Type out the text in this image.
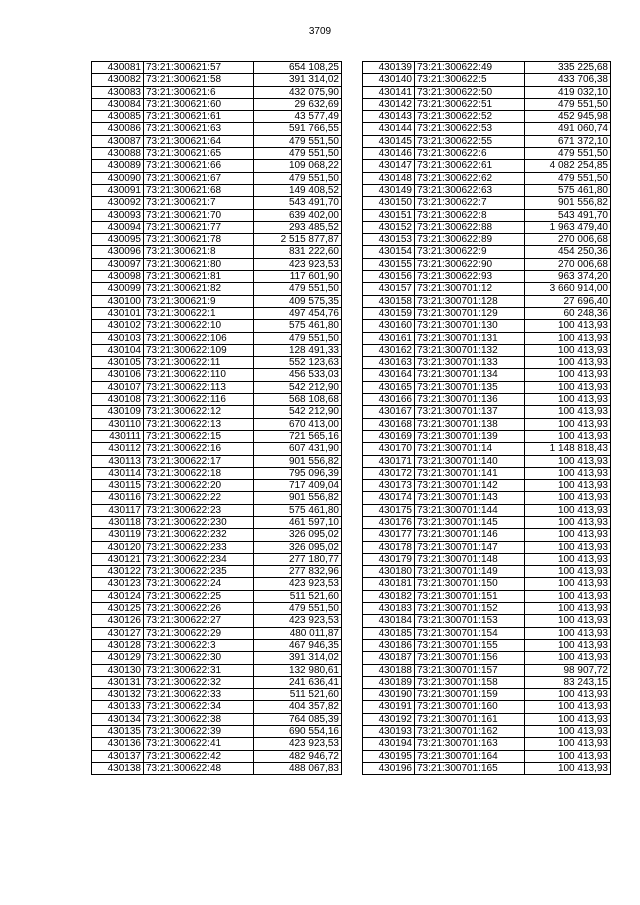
3709
430081	73:21:300621:57	654 108,25
430082	73:21:300621:58	391 314,02
430083	73:21:300621:6	432 075,90
430084	73:21:300621:60	29 632,69
430085	73:21:300621:61	43 577,49
430086	73:21:300621:63	591 766,55
430087	73:21:300621:64	479 551,50
430088	73:21:300621:65	479 551,50
430089	73:21:300621:66	109 068,22
430090	73:21:300621:67	479 551,50
430091	73:21:300621:68	149 408,52
430092	73:21:300621:7	543 491,70
430093	73:21:300621:70	639 402,00
430094	73:21:300621:77	293 485,52
430095	73:21:300621:78	2 515 877,87
430096	73:21:300621:8	831 222,60
430097	73:21:300621:80	423 923,53
430098	73:21:300621:81	117 601,90
430099	73:21:300621:82	479 551,50
430100	73:21:300621:9	409 575,35
430101	73:21:300622:1	497 454,76
430102	73:21:300622:10	575 461,80
430103	73:21:300622:106	479 551,50
430104	73:21:300622:109	128 491,33
430105	73:21:300622:11	552 123,63
430106	73:21:300622:110	456 533,03
430107	73:21:300622:113	542 212,90
430108	73:21:300622:116	568 108,68
430109	73:21:300622:12	542 212,90
430110	73:21:300622:13	670 413,00
430111	73:21:300622:15	721 565,16
430112	73:21:300622:16	607 431,90
430113	73:21:300622:17	901 556,82
430114	73:21:300622:18	795 096,39
430115	73:21:300622:20	717 409,04
430116	73:21:300622:22	901 556,82
430117	73:21:300622:23	575 461,80
430118	73:21:300622:230	461 597,10
430119	73:21:300622:232	326 095,02
430120	73:21:300622:233	326 095,02
430121	73:21:300622:234	277 180,77
430122	73:21:300622:235	277 832,96
430123	73:21:300622:24	423 923,53
430124	73:21:300622:25	511 521,60
430125	73:21:300622:26	479 551,50
430126	73:21:300622:27	423 923,53
430127	73:21:300622:29	480 011,87
430128	73:21:300622:3	467 946,35
430129	73:21:300622:30	391 314,02
430130	73:21:300622:31	132 980,61
430131	73:21:300622:32	241 636,41
430132	73:21:300622:33	511 521,60
430133	73:21:300622:34	404 357,82
430134	73:21:300622:38	764 085,39
430135	73:21:300622:39	690 554,16
430136	73:21:300622:41	423 923,53
430137	73:21:300622:42	482 946,72
430138	73:21:300622:48	488 067,83
430139	73:21:300622:49	335 225,68
430140	73:21:300622:5	433 706,38
430141	73:21:300622:50	419 032,10
430142	73:21:300622:51	479 551,50
430143	73:21:300622:52	452 945,98
430144	73:21:300622:53	491 060,74
430145	73:21:300622:55	671 372,10
430146	73:21:300622:6	479 551,50
430147	73:21:300622:61	4 082 254,85
430148	73:21:300622:62	479 551,50
430149	73:21:300622:63	575 461,80
430150	73:21:300622:7	901 556,82
430151	73:21:300622:8	543 491,70
430152	73:21:300622:88	1 963 479,40
430153	73:21:300622:89	270 006,68
430154	73:21:300622:9	454 250,36
430155	73:21:300622:90	270 006,68
430156	73:21:300622:93	963 374,20
430157	73:21:300701:12	3 660 914,00
430158	73:21:300701:128	27 696,40
430159	73:21:300701:129	60 248,36
430160	73:21:300701:130	100 413,93
430161	73:21:300701:131	100 413,93
430162	73:21:300701:132	100 413,93
430163	73:21:300701:133	100 413,93
430164	73:21:300701:134	100 413,93
430165	73:21:300701:135	100 413,93
430166	73:21:300701:136	100 413,93
430167	73:21:300701:137	100 413,93
430168	73:21:300701:138	100 413,93
430169	73:21:300701:139	100 413,93
430170	73:21:300701:14	1 148 818,43
430171	73:21:300701:140	100 413,93
430172	73:21:300701:141	100 413,93
430173	73:21:300701:142	100 413,93
430174	73:21:300701:143	100 413,93
430175	73:21:300701:144	100 413,93
430176	73:21:300701:145	100 413,93
430177	73:21:300701:146	100 413,93
430178	73:21:300701:147	100 413,93
430179	73:21:300701:148	100 413,93
430180	73:21:300701:149	100 413,93
430181	73:21:300701:150	100 413,93
430182	73:21:300701:151	100 413,93
430183	73:21:300701:152	100 413,93
430184	73:21:300701:153	100 413,93
430185	73:21:300701:154	100 413,93
430186	73:21:300701:155	100 413,93
430187	73:21:300701:156	100 413,93
430188	73:21:300701:157	98 907,72
430189	73:21:300701:158	83 243,15
430190	73:21:300701:159	100 413,93
430191	73:21:300701:160	100 413,93
430192	73:21:300701:161	100 413,93
430193	73:21:300701:162	100 413,93
430194	73:21:300701:163	100 413,93
430195	73:21:300701:164	100 413,93
430196	73:21:300701:165	100 413,93
